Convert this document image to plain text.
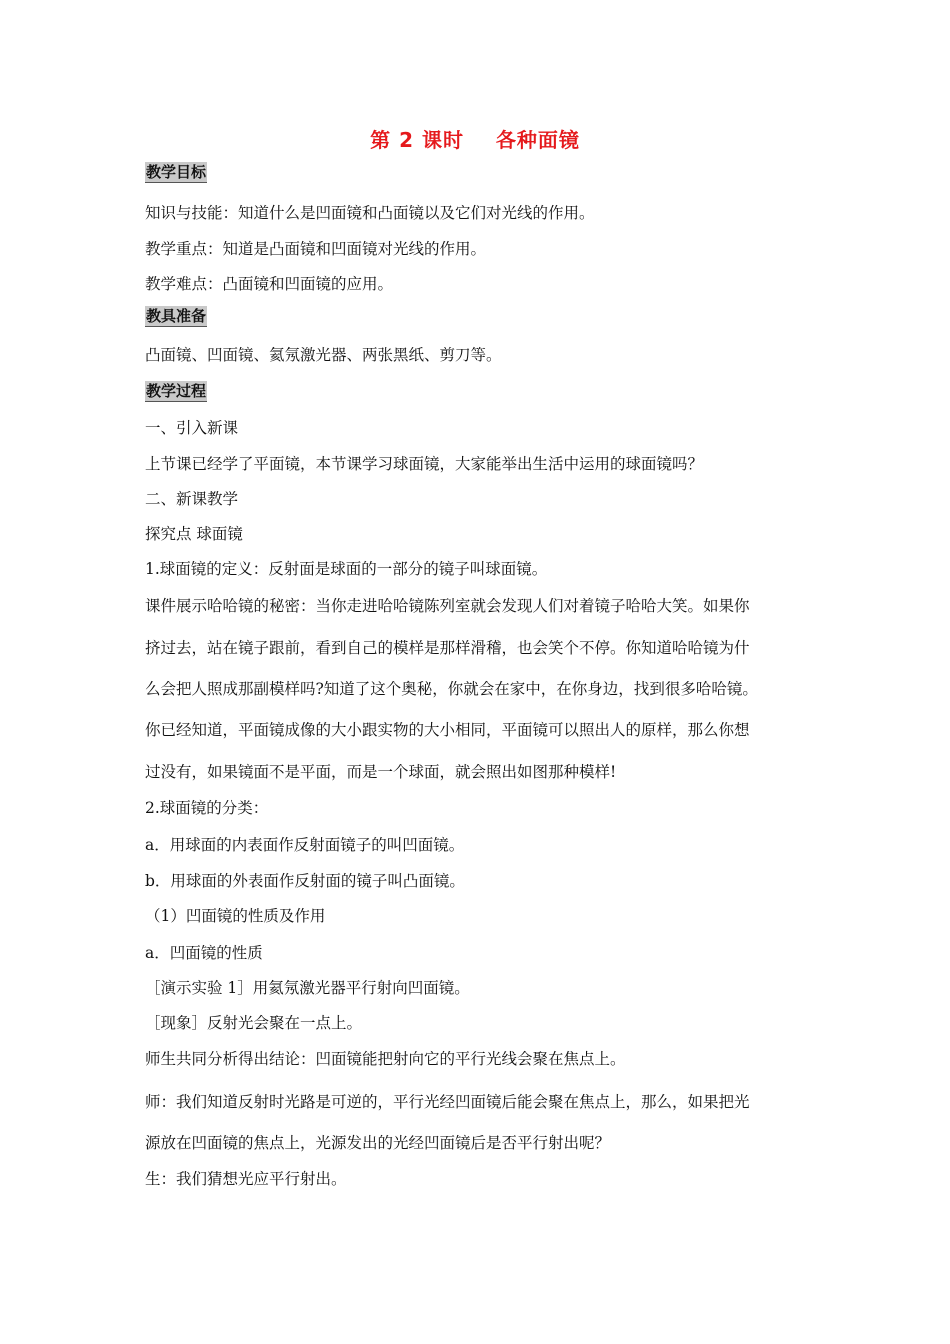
第 2 课时    各种面镜
教学目标
知识与技能：知道什么是凹面镜和凸面镜以及它们对光线的作用。
教学重点：知道是凸面镜和凹面镜对光线的作用。
教学难点：凸面镜和凹面镜的应用。
教具准备
凸面镜、凹面镜、氦氖激光器、两张黑纸、剪刀等。
教学过程
一、引入新课
上节课已经学了平面镜，本节课学习球面镜，大家能举出生活中运用的球面镜吗？
二、新课教学
探究点 球面镜
1.球面镜的定义：反射面是球面的一部分的镜子叫球面镜。
课件展示哈哈镜的秘密：当你走进哈哈镜陈列室就会发现人们对着镜子哈哈大笑。如果你
挤过去，站在镜子跟前，看到自己的模样是那样滑稽，也会笑个不停。你知道哈哈镜为什
么会把人照成那副模样吗?知道了这个奥秘，你就会在家中，在你身边，找到很多哈哈镜。
你已经知道，平面镜成像的大小跟实物的大小相同，平面镜可以照出人的原样，那么你想
过没有，如果镜面不是平面，而是一个球面，就会照出如图那种模样!
2.球面镜的分类：
a．用球面的内表面作反射面镜子的叫凹面镜。
b．用球面的外表面作反射面的镜子叫凸面镜。
（1）凹面镜的性质及作用
a．凹面镜的性质
［演示实验 1］用氦氖激光器平行射向凹面镜。
［现象］反射光会聚在一点上。
师生共同分析得出结论：凹面镜能把射向它的平行光线会聚在焦点上。
师：我们知道反射时光路是可逆的，平行光经凹面镜后能会聚在焦点上，那么，如果把光
源放在凹面镜的焦点上，光源发出的光经凹面镜后是否平行射出呢？
生：我们猜想光应平行射出。
